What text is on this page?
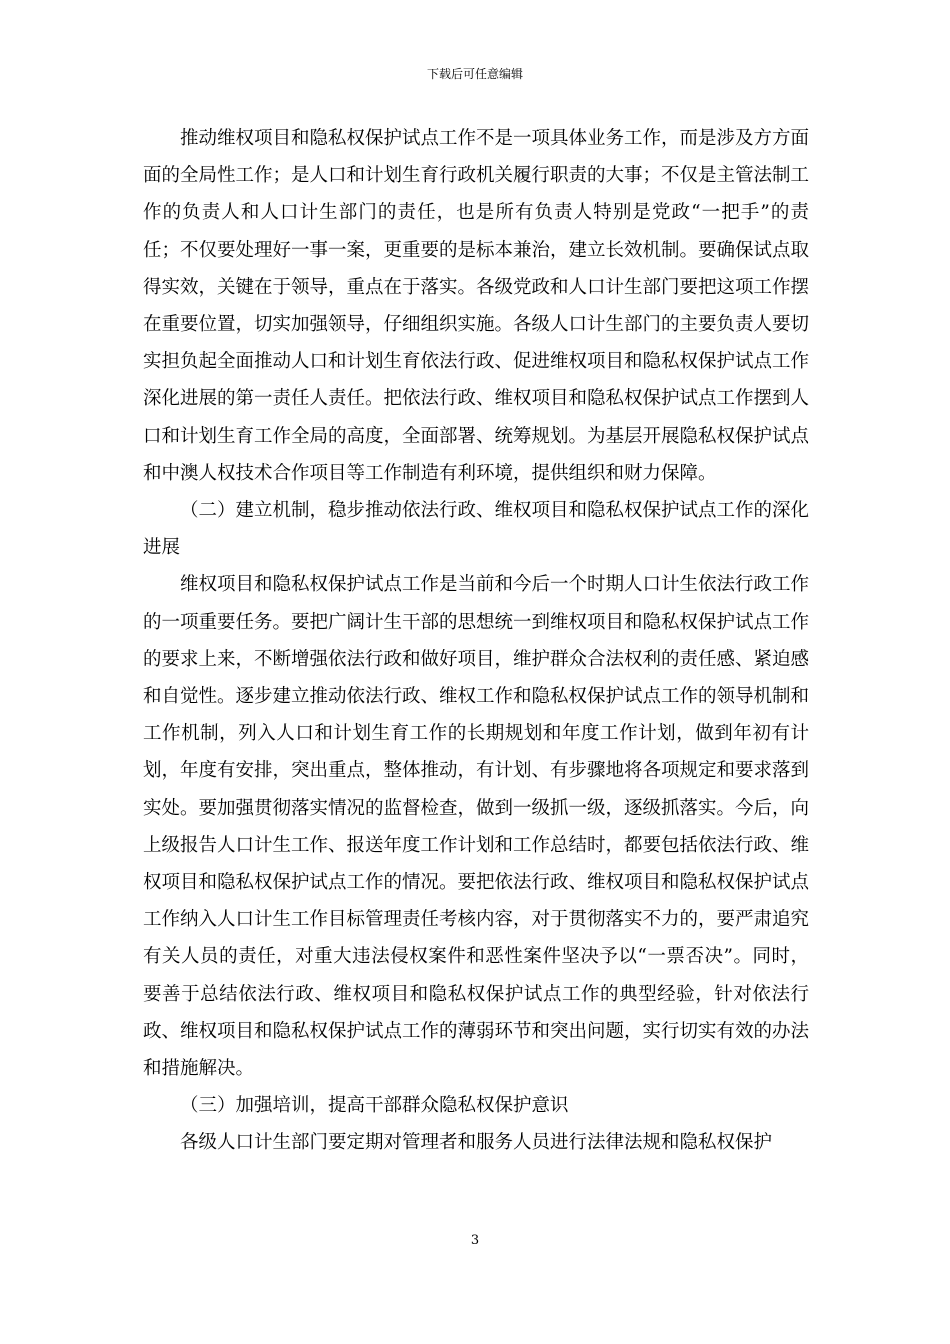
下载后可任意编辑

推动维权项目和隐私权保护试点工作不是一项具体业务工作，而是涉及方方面面的全局性工作；是人口和计划生育行政机关履行职责的大事；不仅是主管法制工作的负责人和人口计生部门的责任，也是所有负责人特别是党政“一把手”的责任；不仅要处理好一事一案，更重要的是标本兼治，建立长效机制。要确保试点取得实效，关键在于领导，重点在于落实。各级党政和人口计生部门要把这项工作摆在重要位置，切实加强领导，仔细组织实施。各级人口计生部门的主要负责人要切实担负起全面推动人口和计划生育依法行政、促进维权项目和隐私权保护试点工作深化进展的第一责任人责任。把依法行政、维权项目和隐私权保护试点工作摆到人口和计划生育工作全局的高度，全面部署、统筹规划。为基层开展隐私权保护试点和中澳人权技术合作项目等工作制造有利环境，提供组织和财力保障。

（二）建立机制，稳步推动依法行政、维权项目和隐私权保护试点工作的深化进展

维权项目和隐私权保护试点工作是当前和今后一个时期人口计生依法行政工作的一项重要任务。要把广阔计生干部的思想统一到维权项目和隐私权保护试点工作的要求上来，不断增强依法行政和做好项目，维护群众合法权利的责任感、紧迫感和自觉性。逐步建立推动依法行政、维权工作和隐私权保护试点工作的领导机制和工作机制，列入人口和计划生育工作的长期规划和年度工作计划，做到年初有计划，年度有安排，突出重点，整体推动，有计划、有步骤地将各项规定和要求落到实处。要加强贯彻落实情况的监督检查，做到一级抓一级，逐级抓落实。今后，向上级报告人口计生工作、报送年度工作计划和工作总结时，都要包括依法行政、维权项目和隐私权保护试点工作的情况。要把依法行政、维权项目和隐私权保护试点工作纳入人口计生工作目标管理责任考核内容，对于贯彻落实不力的，要严肃追究有关人员的责任，对重大违法侵权案件和恶性案件坚决予以“一票否决”。同时，要善于总结依法行政、维权项目和隐私权保护试点工作的典型经验，针对依法行政、维权项目和隐私权保护试点工作的薄弱环节和突出问题，实行切实有效的办法和措施解决。

（三）加强培训，提高干部群众隐私权保护意识

各级人口计生部门要定期对管理者和服务人员进行法律法规和隐私权保护

3
